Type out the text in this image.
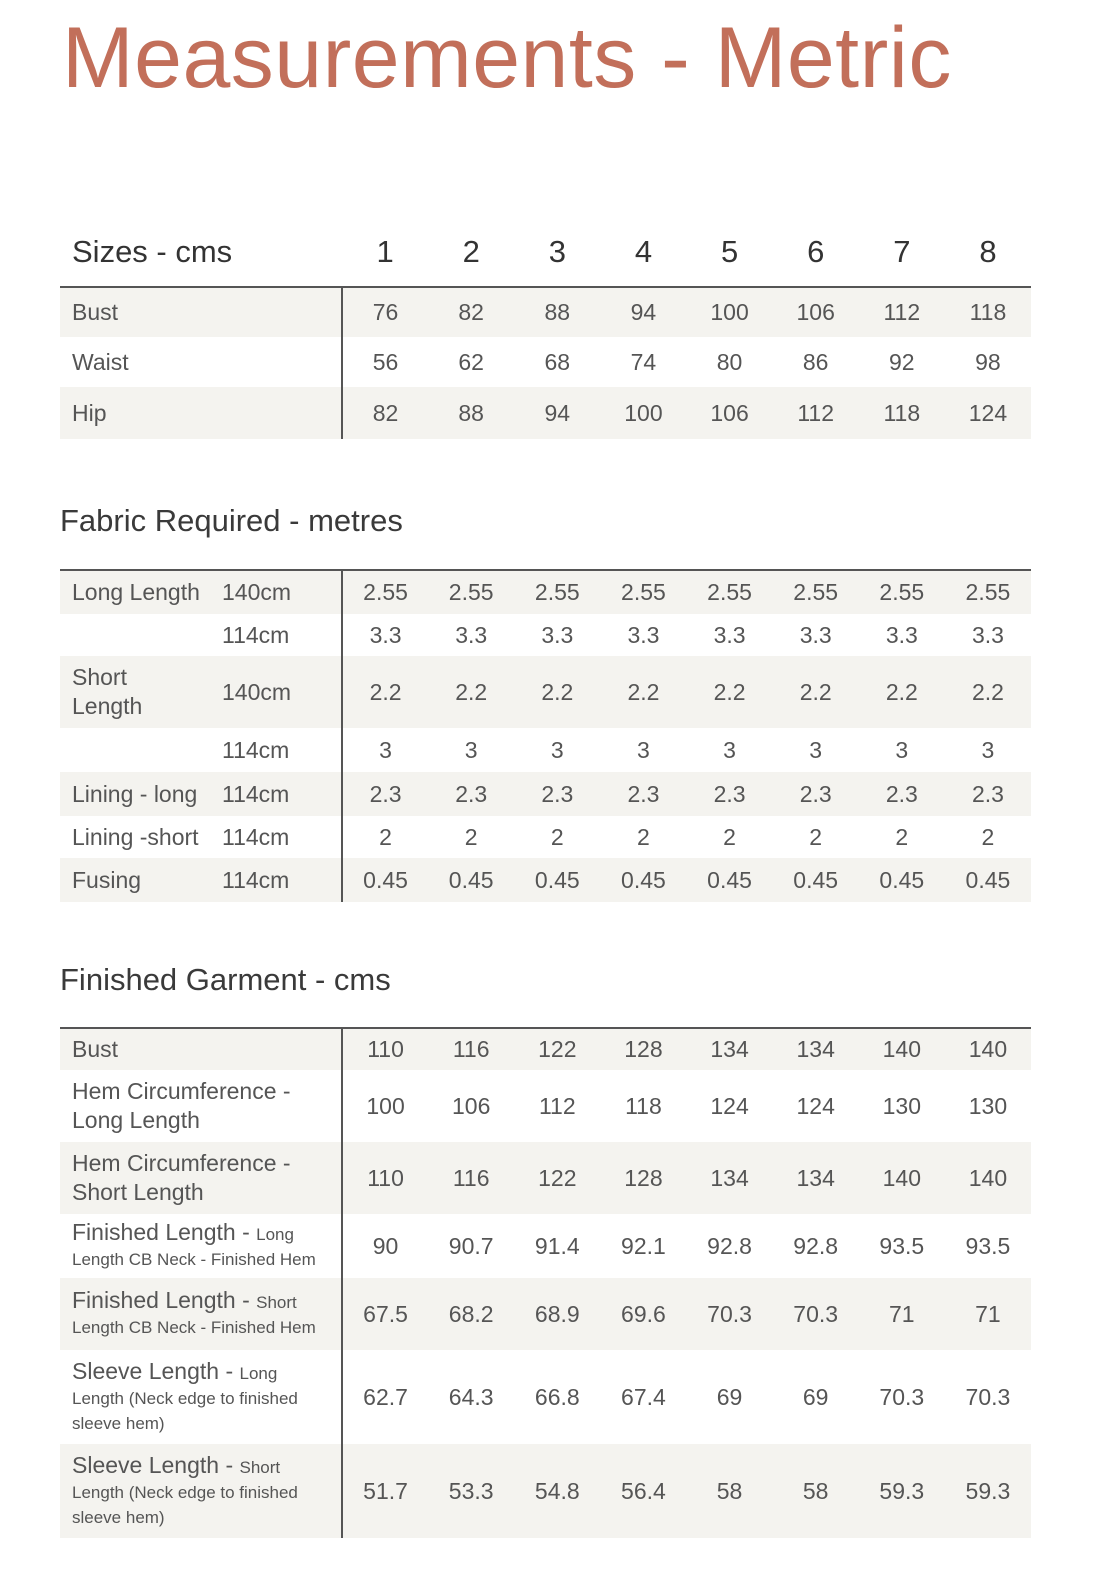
Measurements - Metric
Sizes - cms	1	2	3	4	5	6	7	8
Bust	76	82	88	94	100	106	112	118
Waist	56	62	68	74	80	86	92	98
Hip	82	88	94	100	106	112	118	124
Fabric Required - metres
Long Length	140cm	2.55	2.55	2.55	2.55	2.55	2.55	2.55	2.55
	114cm	3.3	3.3	3.3	3.3	3.3	3.3	3.3	3.3
Short Length	140cm	2.2	2.2	2.2	2.2	2.2	2.2	2.2	2.2
	114cm	3	3	3	3	3	3	3	3
Lining - long	114cm	2.3	2.3	2.3	2.3	2.3	2.3	2.3	2.3
Lining -short	114cm	2	2	2	2	2	2	2	2
Fusing	114cm	0.45	0.45	0.45	0.45	0.45	0.45	0.45	0.45
Finished Garment - cms
Bust	110	116	122	128	134	134	140	140
Hem Circumference - Long Length	100	106	112	118	124	124	130	130
Hem Circumference - Short Length	110	116	122	128	134	134	140	140
Finished Length - Long Length CB Neck - Finished Hem	90	90.7	91.4	92.1	92.8	92.8	93.5	93.5
Finished Length - Short Length CB Neck - Finished Hem	67.5	68.2	68.9	69.6	70.3	70.3	71	71
Sleeve Length - Long Length (Neck edge to finished sleeve hem)	62.7	64.3	66.8	67.4	69	69	70.3	70.3
Sleeve Length - Short Length (Neck edge to finished sleeve hem)	51.7	53.3	54.8	56.4	58	58	59.3	59.3
